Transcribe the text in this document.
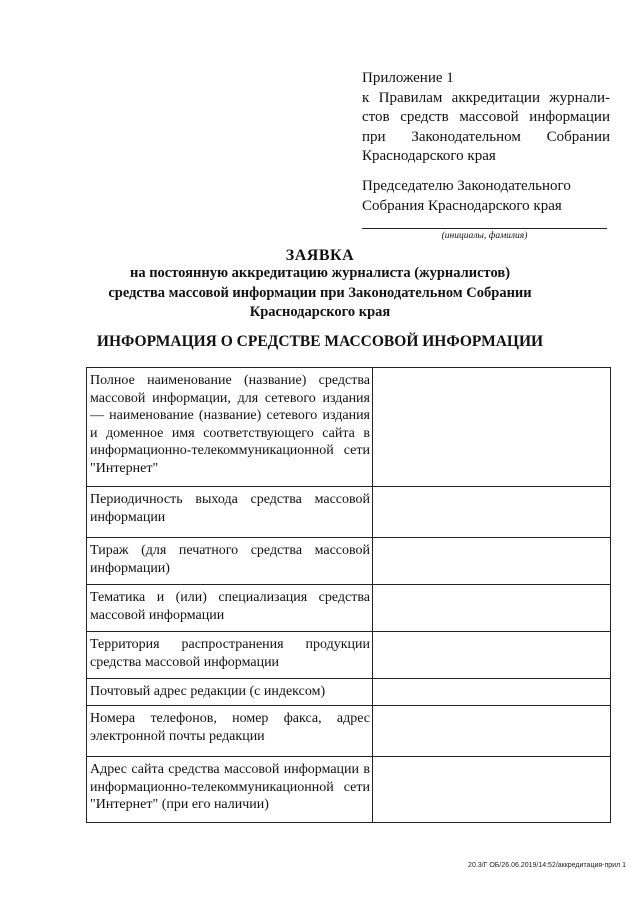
Приложение 1
к Правилам аккредитации журнали-
стов средств массовой информации
при Законодательном Собрании
Краснодарского края
Председателю Законодательного
Собрания Краснодарского края
(инициалы, фамилия)
ЗАЯВКА
на постоянную аккредитацию журналиста (журналистов)
средства массовой информации при Законодательном Собрании
Краснодарского края
ИНФОРМАЦИЯ О СРЕДСТВЕ МАССОВОЙ ИНФОРМАЦИИ
Полное наименование (название) средства массовой информации, для сетевого издания — наименование (название) сетевого издания и доменное имя соответствующего сайта в информационно-телекоммуникационной сети "Интернет"	
Периодичность выхода средства массовой информации	
Тираж (для печатного средства массовой информации)	
Тематика и (или) специализация средства массовой информации	
Территория распространения продукции средства массовой информации	
Почтовый адрес редакции (с индексом)	
Номера телефонов, номер факса, адрес электронной почты редакции	
Адрес сайта средства массовой информации в информационно-телекоммуникационной сети "Интернет" (при его наличии)	
20.3/Г ОБ/26.06.2019/14:52/аккредитация-прил 1
